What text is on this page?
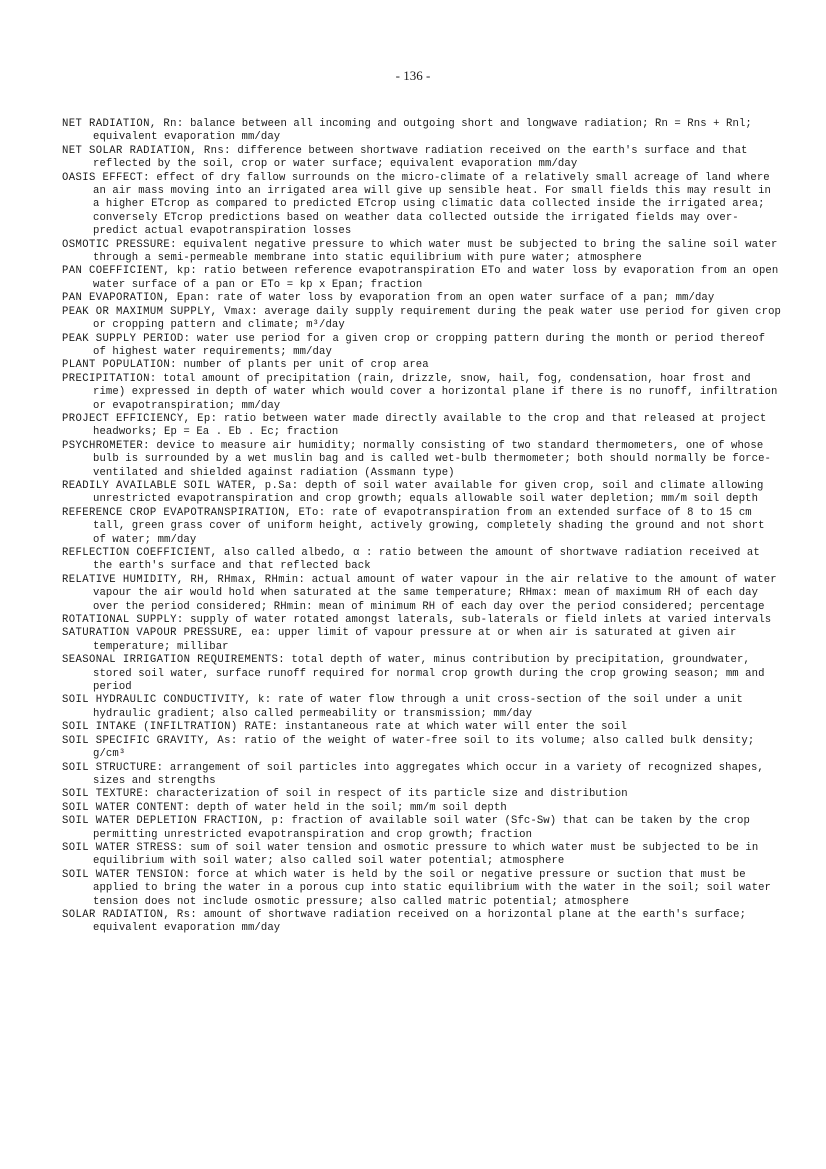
- 136 -

NET RADIATION, Rn: balance between all incoming and outgoing short and longwave radiation; Rn = Rns + Rnl; equivalent evaporation mm/day

NET SOLAR RADIATION, Rns: difference between shortwave radiation received on the earth's surface and that reflected by the soil, crop or water surface; equivalent evaporation mm/day

OASIS EFFECT: effect of dry fallow surrounds on the micro-climate of a relatively small acreage of land where an air mass moving into an irrigated area will give up sensible heat. For small fields this may result in a higher ETcrop as compared to predicted ETcrop using climatic data collected inside the irrigated area; conversely ETcrop predictions based on weather data collected outside the irrigated fields may over-predict actual evapotranspiration losses

OSMOTIC PRESSURE: equivalent negative pressure to which water must be subjected to bring the saline soil water through a semi-permeable membrane into static equilibrium with pure water; atmosphere

PAN COEFFICIENT, kp: ratio between reference evapotranspiration ETo and water loss by evaporation from an open water surface of a pan or ETo = kp x Epan; fraction

PAN EVAPORATION, Epan: rate of water loss by evaporation from an open water surface of a pan; mm/day

PEAK OR MAXIMUM SUPPLY, Vmax: average daily supply requirement during the peak water use period for given crop or cropping pattern and climate; m³/day

PEAK SUPPLY PERIOD: water use period for a given crop or cropping pattern during the month or period thereof of highest water requirements; mm/day

PLANT POPULATION: number of plants per unit of crop area

PRECIPITATION: total amount of precipitation (rain, drizzle, snow, hail, fog, condensation, hoar frost and rime) expressed in depth of water which would cover a horizontal plane if there is no runoff, infiltration or evapotranspiration; mm/day

PROJECT EFFICIENCY, Ep: ratio between water made directly available to the crop and that released at project headworks; Ep = Ea . Eb . Ec; fraction

PSYCHROMETER: device to measure air humidity; normally consisting of two standard thermometers, one of whose bulb is surrounded by a wet muslin bag and is called wet-bulb thermometer; both should normally be force-ventilated and shielded against radiation (Assmann type)

READILY AVAILABLE SOIL WATER, p.Sa: depth of soil water available for given crop, soil and climate allowing unrestricted evapotranspiration and crop growth; equals allowable soil water depletion; mm/m soil depth

REFERENCE CROP EVAPOTRANSPIRATION, ETo: rate of evapotranspiration from an extended surface of 8 to 15 cm tall, green grass cover of uniform height, actively growing, completely shading the ground and not short of water; mm/day

REFLECTION COEFFICIENT, also called albedo, α : ratio between the amount of shortwave radiation received at the earth's surface and that reflected back

RELATIVE HUMIDITY, RH, RHmax, RHmin: actual amount of water vapour in the air relative to the amount of water vapour the air would hold when saturated at the same temperature; RHmax: mean of maximum RH of each day over the period considered; RHmin: mean of minimum RH of each day over the period considered; percentage

ROTATIONAL SUPPLY: supply of water rotated amongst laterals, sub-laterals or field inlets at varied intervals

SATURATION VAPOUR PRESSURE, ea: upper limit of vapour pressure at or when air is saturated at given air temperature; millibar

SEASONAL IRRIGATION REQUIREMENTS: total depth of water, minus contribution by precipitation, groundwater, stored soil water, surface runoff required for normal crop growth during the crop growing season; mm and period

SOIL HYDRAULIC CONDUCTIVITY, k: rate of water flow through a unit cross-section of the soil under a unit hydraulic gradient; also called permeability or transmission; mm/day

SOIL INTAKE (INFILTRATION) RATE: instantaneous rate at which water will enter the soil

SOIL SPECIFIC GRAVITY, As: ratio of the weight of water-free soil to its volume; also called bulk density; g/cm³

SOIL STRUCTURE: arrangement of soil particles into aggregates which occur in a variety of recognized shapes, sizes and strengths

SOIL TEXTURE: characterization of soil in respect of its particle size and distribution

SOIL WATER CONTENT: depth of water held in the soil; mm/m soil depth

SOIL WATER DEPLETION FRACTION, p: fraction of available soil water (Sfc-Sw) that can be taken by the crop permitting unrestricted evapotranspiration and crop growth; fraction

SOIL WATER STRESS: sum of soil water tension and osmotic pressure to which water must be subjected to be in equilibrium with soil water; also called soil water potential; atmosphere

SOIL WATER TENSION: force at which water is held by the soil or negative pressure or suction that must be applied to bring the water in a porous cup into static equilibrium with the water in the soil; soil water tension does not include osmotic pressure; also called matric potential; atmosphere

SOLAR RADIATION, Rs: amount of shortwave radiation received on a horizontal plane at the earth's surface; equivalent evaporation mm/day
